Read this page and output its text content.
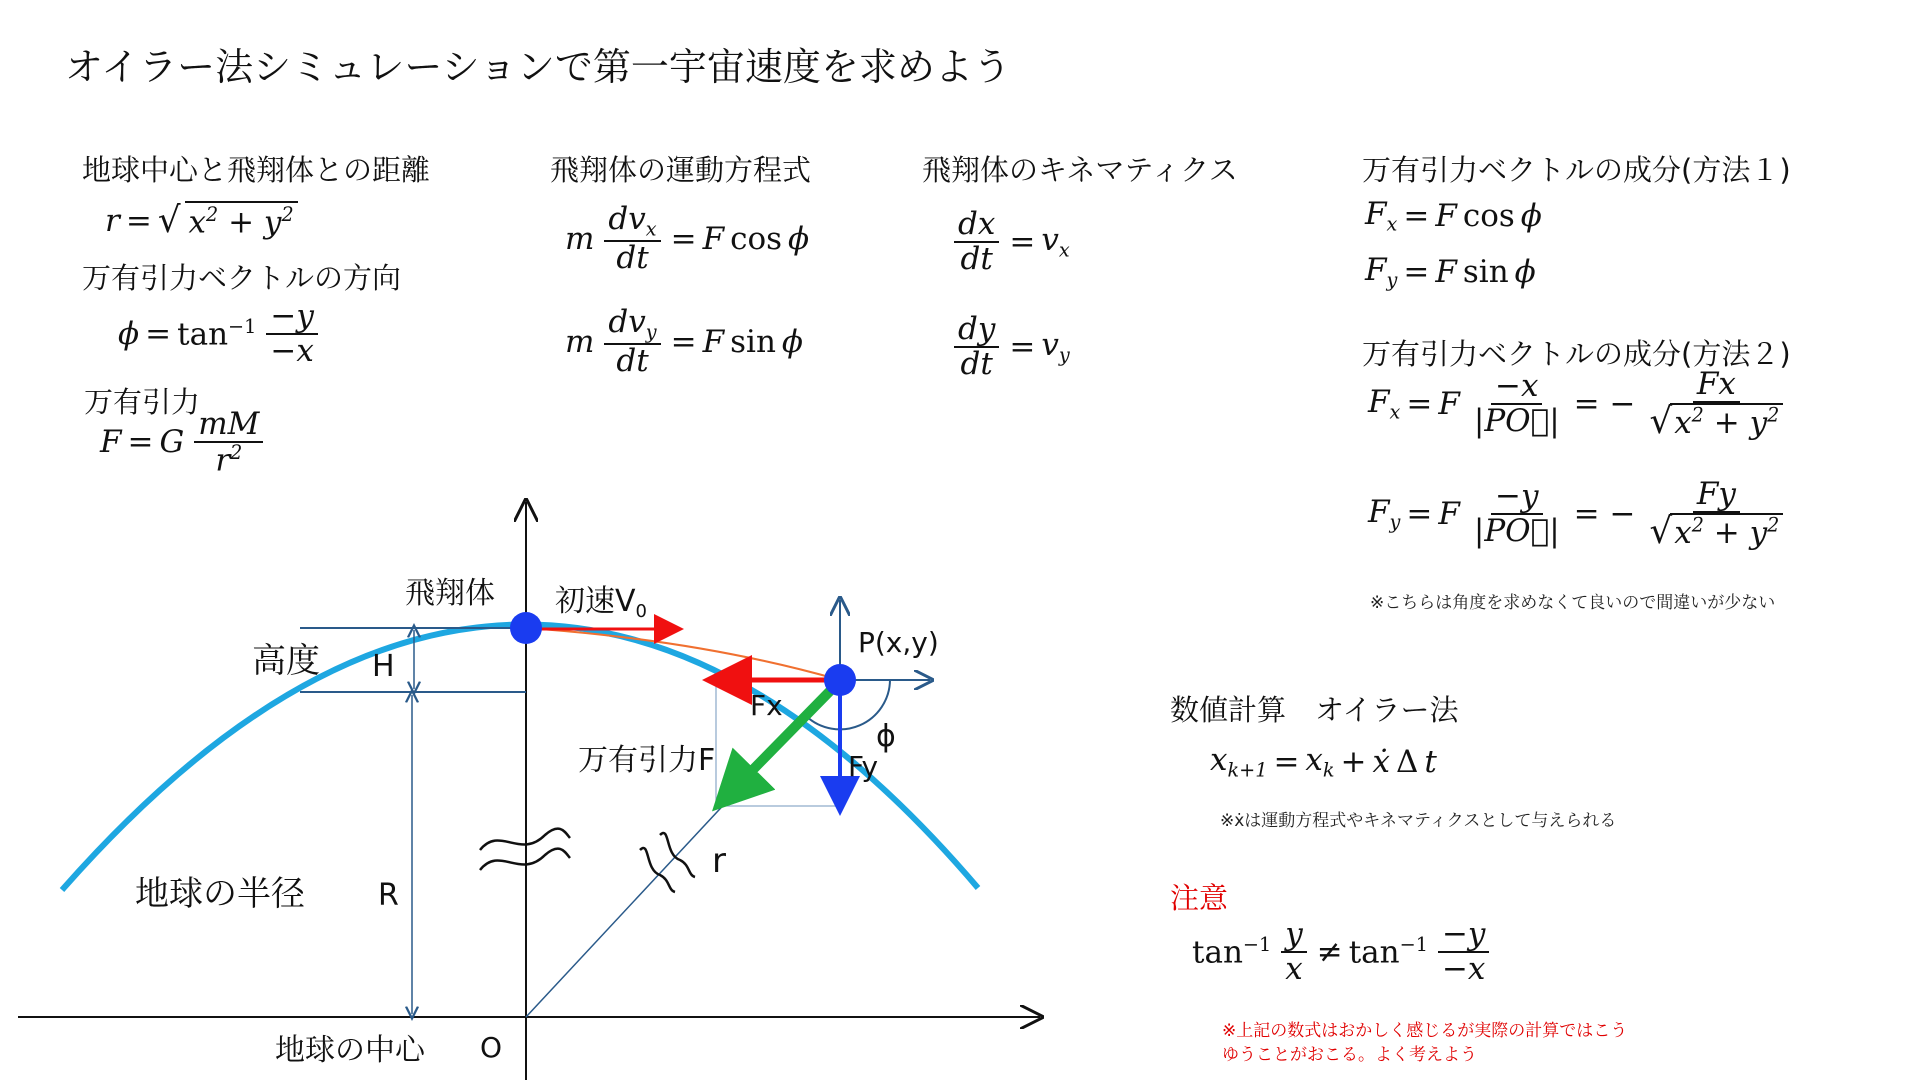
オイラー法シミュレーションで第一宇宙速度を求めよう
地球中心と飛翔体との距離
r = √ $x^2 + y^2$
万有引力ベクトルの方向
$\phi = \tan^{-1} \frac{-y}{-x}$
万有引力
F = G $\frac{mM}{r^2}$
飛翔体の運動方程式
m $\frac{dv_x}{dt} = F$ cos ϕ
m $\frac{dv_y}{dt} = F$ sin ϕ
飛翔体のキネマティクス
$\frac{dx}{dt} = v_x$
$\frac{dy}{dt} = v_y$
万有引力ベクトルの成分(方法１)
$F_x = F$ cos ϕ
$F_y = F$ sin ϕ
万有引力ベクトルの成分(方法２)
$F_x = F \frac{-x}{|PO⃗|}$ = − $\frac{Fx}{√x^2 + y^2}$
$F_y = F \frac{-y}{|PO⃗|}$ = − $\frac{Fy}{√x^2 + y^2}$
※こちらは角度を求めなくて良いので間違いが少ない
数値計算　オイラー法
$x_{k+1} = x_k$ + ẋ Δ t
※ẋは運動方程式やキネマティクスとして与えられる
注意
$\tan^{-1} \frac{y}{x} \ne \tan^{-1} \frac{-y}{-x}$
※上記の数式はおかしく感じるが実際の計算ではこう
ゆうことがおこる。よく考えよう
飛翔体 初速$V_0$
高度 H
P(x,y)
Fx
Fy
ϕ
万有引力F
r
地球の半径 R
地球の中心 O
